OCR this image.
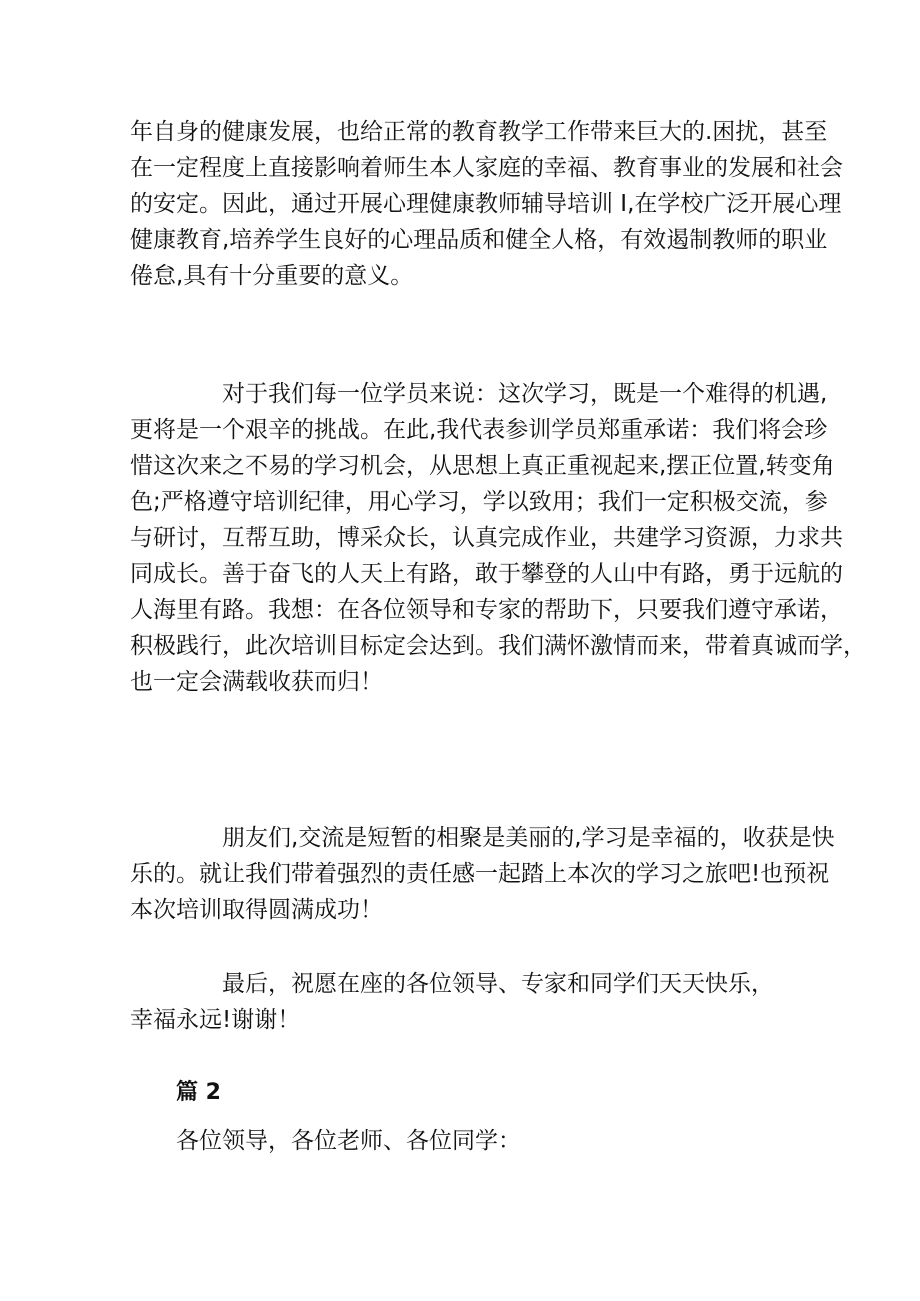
年自身的健康发展，也给正常的教育教学工作带来巨大的.困扰，甚至
在一定程度上直接影响着师生本人家庭的幸福、教育事业的发展和社会
的安定。因此，通过开展心理健康教师辅导培训 I,在学校广泛开展心理
健康教育,培养学生良好的心理品质和健全人格，有效遏制教师的职业
倦怠,具有十分重要的意义。

对于我们每一位学员来说：这次学习，既是一个难得的机遇,
更将是一个艰辛的挑战。在此,我代表参训学员郑重承诺：我们将会珍
惜这次来之不易的学习机会，从思想上真正重视起来,摆正位置,转变角
色;严格遵守培训纪律，用心学习，学以致用；我们一定积极交流，参
与研讨，互帮互助，博采众长，认真完成作业，共建学习资源，力求共
同成长。善于奋飞的人天上有路，敢于攀登的人山中有路，勇于远航的
人海里有路。我想：在各位领导和专家的帮助下，只要我们遵守承诺，
积极践行，此次培训目标定会达到。我们满怀激情而来，带着真诚而学，
也一定会满载收获而归！

朋友们,交流是短暂的相聚是美丽的,学习是幸福的，收获是快
乐的。就让我们带着强烈的责任感一起踏上本次的学习之旅吧!也预祝
本次培训取得圆满成功！

最后，祝愿在座的各位领导、专家和同学们天天快乐，
幸福永远!谢谢！

篇 2
各位领导，各位老师、各位同学：
